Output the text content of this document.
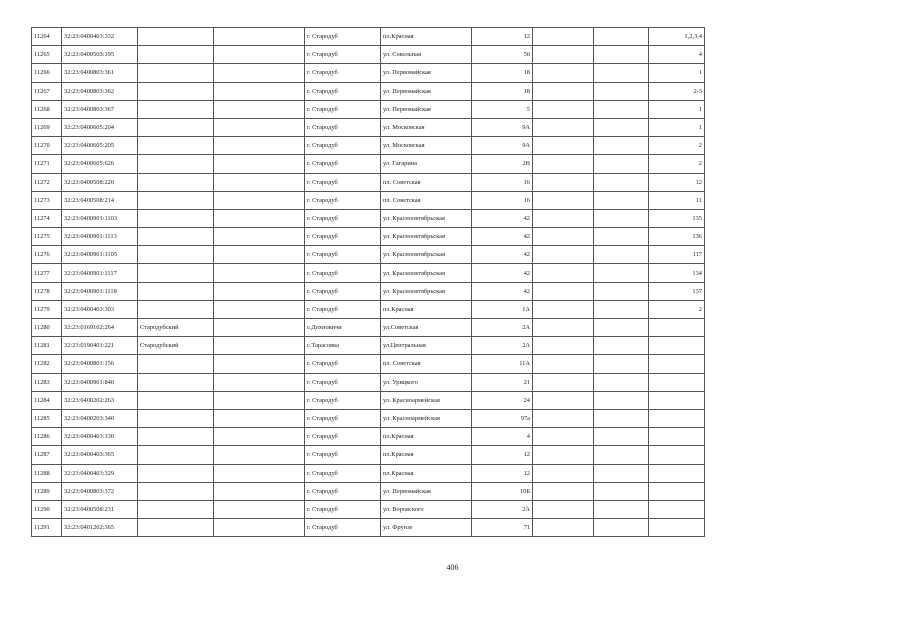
11264	32:23:0400403:332			г. Стародуб	пл.Красная	12			1,2,3,4
11265	32:23:0400503:195			г. Стародуб	ул. Сокольная	50			4
11266	32:23:0400803:361			г. Стародуб	ул. Первомайская	18			1
11267	32:23:0400803:362			г. Стародуб	ул. Первомайская	18			2-3
11268	32:23:0400803:367			г. Стародуб	ул. Первомайская	5			1
11269	32:23:0400605:204			г. Стародуб	ул. Московская	9А			1
11270	32:23:0400605:205			г. Стародуб	ул. Московская	9А			2
11271	32:23:0400605:626			г. Стародуб	ул. Гагарина	2В			2
11272	32:23:0400508:220			г. Стародуб	пл. Советская	16			12
11273	32:23:0400508:214			г. Стародуб	пл. Советская	16			11
11274	32:23:0400901:1103			г. Стародуб	ул. Краснооктябрьская	42			135
11275	32:23:0400901:1113			г. Стародуб	ул. Краснооктябрьская	42			136
11276	32:23:0400901:1105			г. Стародуб	ул. Краснооктябрьская	42			117
11277	32:23:0400901:1117			г. Стародуб	ул. Краснооктябрьская	42			134
11278	32:23:0400901:1118			г. Стародуб	ул. Краснооктябрьская	42			137
11279	32:23:0400403:303			г. Стародуб	пл.Красная	1А			2
11280	32:23:0169102:264	Стародубский		с.Дохновичи	ул.Советская	2А			
11281	32:23:0190401:221	Стародубский		с.Тарасовка	ул.Центральная	2А			
11282	32:23:0400801:156			г. Стародуб	пл. Советская	11А			
11283	32:23:0400901:840			г. Стародуб	ул. Урицкого	21			
11284	32:23:0400202:263			г. Стародуб	ул. Красноармейская	24			
11285	32:23:0400203:340			г. Стародуб	ул. Красноармейская	97а			
11286	32:23:0400403:330			г. Стародуб	пл.Красная	4			
11287	32:23:0400403:365			г. Стародуб	пл.Красная	12			
11288	32:23:0400403:329			г. Стародуб	пл.Красная	12			
11289	32:23:0400803:372			г. Стародуб	ул. Первомайская	10Б			
11290	32:23:0400508:231			г. Стародуб	ул. Воровского	2А			
11291	32:23:0401202:365			г. Стародуб	ул. Фрунзе	71			
406
